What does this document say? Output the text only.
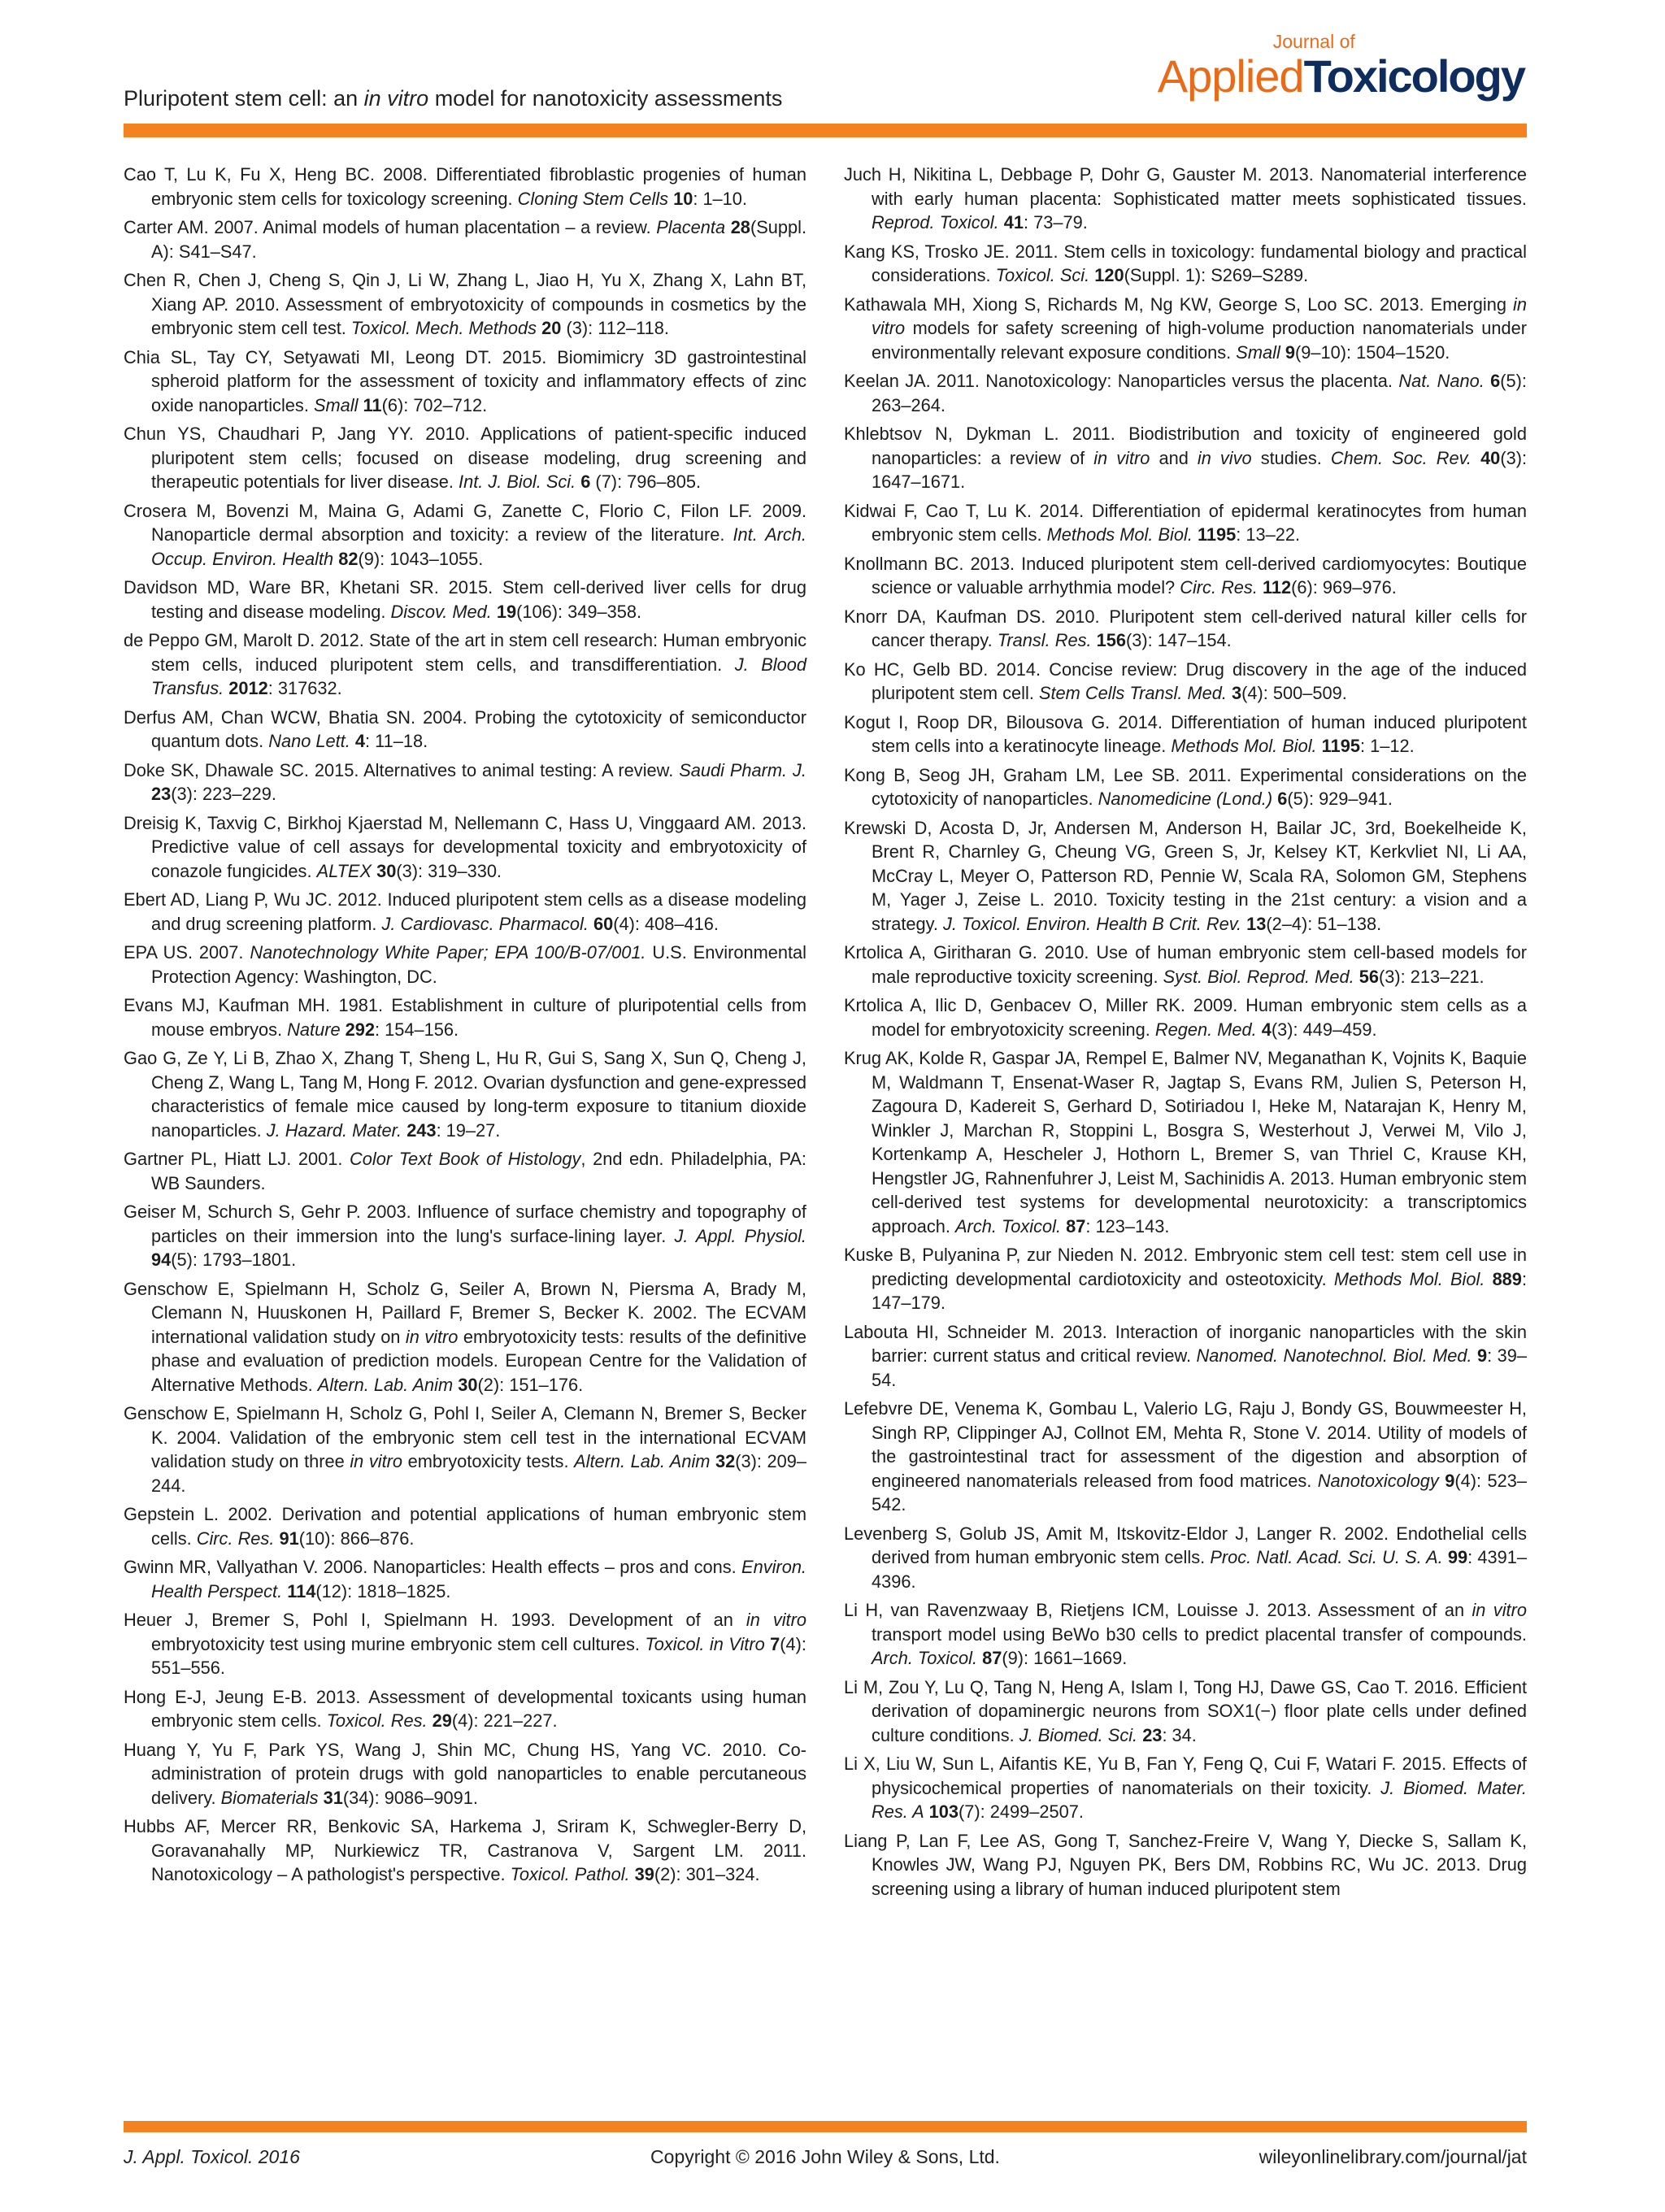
Pluripotent stem cell: an in vitro model for nanotoxicity assessments
Journal of
AppliedToxicology

Cao T, Lu K, Fu X, Heng BC. 2008. Differentiated fibroblastic progenies of human embryonic stem cells for toxicology screening. Cloning Stem Cells 10: 1–10.

Carter AM. 2007. Animal models of human placentation – a review. Placenta 28(Suppl. A): S41–S47.

Chen R, Chen J, Cheng S, Qin J, Li W, Zhang L, Jiao H, Yu X, Zhang X, Lahn BT, Xiang AP. 2010. Assessment of embryotoxicity of compounds in cosmetics by the embryonic stem cell test. Toxicol. Mech. Methods 20 (3): 112–118.

Chia SL, Tay CY, Setyawati MI, Leong DT. 2015. Biomimicry 3D gastrointestinal spheroid platform for the assessment of toxicity and inflammatory effects of zinc oxide nanoparticles. Small 11(6): 702–712.

Chun YS, Chaudhari P, Jang YY. 2010. Applications of patient-specific induced pluripotent stem cells; focused on disease modeling, drug screening and therapeutic potentials for liver disease. Int. J. Biol. Sci. 6 (7): 796–805.

Crosera M, Bovenzi M, Maina G, Adami G, Zanette C, Florio C, Filon LF. 2009. Nanoparticle dermal absorption and toxicity: a review of the literature. Int. Arch. Occup. Environ. Health 82(9): 1043–1055.

Davidson MD, Ware BR, Khetani SR. 2015. Stem cell-derived liver cells for drug testing and disease modeling. Discov. Med. 19(106): 349–358.

de Peppo GM, Marolt D. 2012. State of the art in stem cell research: Human embryonic stem cells, induced pluripotent stem cells, and transdifferentiation. J. Blood Transfus. 2012: 317632.

Derfus AM, Chan WCW, Bhatia SN. 2004. Probing the cytotoxicity of semiconductor quantum dots. Nano Lett. 4: 11–18.

Doke SK, Dhawale SC. 2015. Alternatives to animal testing: A review. Saudi Pharm. J. 23(3): 223–229.

Dreisig K, Taxvig C, Birkhoj Kjaerstad M, Nellemann C, Hass U, Vinggaard AM. 2013. Predictive value of cell assays for developmental toxicity and embryotoxicity of conazole fungicides. ALTEX 30(3): 319–330.

Ebert AD, Liang P, Wu JC. 2012. Induced pluripotent stem cells as a disease modeling and drug screening platform. J. Cardiovasc. Pharmacol. 60(4): 408–416.

EPA US. 2007. Nanotechnology White Paper; EPA 100/B-07/001. U.S. Environmental Protection Agency: Washington, DC.

Evans MJ, Kaufman MH. 1981. Establishment in culture of pluripotential cells from mouse embryos. Nature 292: 154–156.

Gao G, Ze Y, Li B, Zhao X, Zhang T, Sheng L, Hu R, Gui S, Sang X, Sun Q, Cheng J, Cheng Z, Wang L, Tang M, Hong F. 2012. Ovarian dysfunction and gene-expressed characteristics of female mice caused by long-term exposure to titanium dioxide nanoparticles. J. Hazard. Mater. 243: 19–27.

Gartner PL, Hiatt LJ. 2001. Color Text Book of Histology, 2nd edn. Philadelphia, PA: WB Saunders.

Geiser M, Schurch S, Gehr P. 2003. Influence of surface chemistry and topography of particles on their immersion into the lung's surface-lining layer. J. Appl. Physiol. 94(5): 1793–1801.

Genschow E, Spielmann H, Scholz G, Seiler A, Brown N, Piersma A, Brady M, Clemann N, Huuskonen H, Paillard F, Bremer S, Becker K. 2002. The ECVAM international validation study on in vitro embryotoxicity tests: results of the definitive phase and evaluation of prediction models. European Centre for the Validation of Alternative Methods. Altern. Lab. Anim 30(2): 151–176.

Genschow E, Spielmann H, Scholz G, Pohl I, Seiler A, Clemann N, Bremer S, Becker K. 2004. Validation of the embryonic stem cell test in the international ECVAM validation study on three in vitro embryotoxicity tests. Altern. Lab. Anim 32(3): 209–244.

Gepstein L. 2002. Derivation and potential applications of human embryonic stem cells. Circ. Res. 91(10): 866–876.

Gwinn MR, Vallyathan V. 2006. Nanoparticles: Health effects – pros and cons. Environ. Health Perspect. 114(12): 1818–1825.

Heuer J, Bremer S, Pohl I, Spielmann H. 1993. Development of an in vitro embryotoxicity test using murine embryonic stem cell cultures. Toxicol. in Vitro 7(4): 551–556.

Hong E-J, Jeung E-B. 2013. Assessment of developmental toxicants using human embryonic stem cells. Toxicol. Res. 29(4): 221–227.

Huang Y, Yu F, Park YS, Wang J, Shin MC, Chung HS, Yang VC. 2010. Co-administration of protein drugs with gold nanoparticles to enable percutaneous delivery. Biomaterials 31(34): 9086–9091.

Hubbs AF, Mercer RR, Benkovic SA, Harkema J, Sriram K, Schwegler-Berry D, Goravanahally MP, Nurkiewicz TR, Castranova V, Sargent LM. 2011. Nanotoxicology – A pathologist's perspective. Toxicol. Pathol. 39(2): 301–324.

Juch H, Nikitina L, Debbage P, Dohr G, Gauster M. 2013. Nanomaterial interference with early human placenta: Sophisticated matter meets sophisticated tissues. Reprod. Toxicol. 41: 73–79.

Kang KS, Trosko JE. 2011. Stem cells in toxicology: fundamental biology and practical considerations. Toxicol. Sci. 120(Suppl. 1): S269–S289.

Kathawala MH, Xiong S, Richards M, Ng KW, George S, Loo SC. 2013. Emerging in vitro models for safety screening of high-volume production nanomaterials under environmentally relevant exposure conditions. Small 9(9–10): 1504–1520.

Keelan JA. 2011. Nanotoxicology: Nanoparticles versus the placenta. Nat. Nano. 6(5): 263–264.

Khlebtsov N, Dykman L. 2011. Biodistribution and toxicity of engineered gold nanoparticles: a review of in vitro and in vivo studies. Chem. Soc. Rev. 40(3): 1647–1671.

Kidwai F, Cao T, Lu K. 2014. Differentiation of epidermal keratinocytes from human embryonic stem cells. Methods Mol. Biol. 1195: 13–22.

Knollmann BC. 2013. Induced pluripotent stem cell-derived cardiomyocytes: Boutique science or valuable arrhythmia model? Circ. Res. 112(6): 969–976.

Knorr DA, Kaufman DS. 2010. Pluripotent stem cell-derived natural killer cells for cancer therapy. Transl. Res. 156(3): 147–154.

Ko HC, Gelb BD. 2014. Concise review: Drug discovery in the age of the induced pluripotent stem cell. Stem Cells Transl. Med. 3(4): 500–509.

Kogut I, Roop DR, Bilousova G. 2014. Differentiation of human induced pluripotent stem cells into a keratinocyte lineage. Methods Mol. Biol. 1195: 1–12.

Kong B, Seog JH, Graham LM, Lee SB. 2011. Experimental considerations on the cytotoxicity of nanoparticles. Nanomedicine (Lond.) 6(5): 929–941.

Krewski D, Acosta D, Jr, Andersen M, Anderson H, Bailar JC, 3rd, Boekelheide K, Brent R, Charnley G, Cheung VG, Green S, Jr, Kelsey KT, Kerkvliet NI, Li AA, McCray L, Meyer O, Patterson RD, Pennie W, Scala RA, Solomon GM, Stephens M, Yager J, Zeise L. 2010. Toxicity testing in the 21st century: a vision and a strategy. J. Toxicol. Environ. Health B Crit. Rev. 13(2–4): 51–138.

Krtolica A, Giritharan G. 2010. Use of human embryonic stem cell-based models for male reproductive toxicity screening. Syst. Biol. Reprod. Med. 56(3): 213–221.

Krtolica A, Ilic D, Genbacev O, Miller RK. 2009. Human embryonic stem cells as a model for embryotoxicity screening. Regen. Med. 4(3): 449–459.

Krug AK, Kolde R, Gaspar JA, Rempel E, Balmer NV, Meganathan K, Vojnits K, Baquie M, Waldmann T, Ensenat-Waser R, Jagtap S, Evans RM, Julien S, Peterson H, Zagoura D, Kadereit S, Gerhard D, Sotiriadou I, Heke M, Natarajan K, Henry M, Winkler J, Marchan R, Stoppini L, Bosgra S, Westerhout J, Verwei M, Vilo J, Kortenkamp A, Hescheler J, Hothorn L, Bremer S, van Thriel C, Krause KH, Hengstler JG, Rahnenfuhrer J, Leist M, Sachinidis A. 2013. Human embryonic stem cell-derived test systems for developmental neurotoxicity: a transcriptomics approach. Arch. Toxicol. 87: 123–143.

Kuske B, Pulyanina P, zur Nieden N. 2012. Embryonic stem cell test: stem cell use in predicting developmental cardiotoxicity and osteotoxicity. Methods Mol. Biol. 889: 147–179.

Labouta HI, Schneider M. 2013. Interaction of inorganic nanoparticles with the skin barrier: current status and critical review. Nanomed. Nanotechnol. Biol. Med. 9: 39–54.

Lefebvre DE, Venema K, Gombau L, Valerio LG, Raju J, Bondy GS, Bouwmeester H, Singh RP, Clippinger AJ, Collnot EM, Mehta R, Stone V. 2014. Utility of models of the gastrointestinal tract for assessment of the digestion and absorption of engineered nanomaterials released from food matrices. Nanotoxicology 9(4): 523–542.

Levenberg S, Golub JS, Amit M, Itskovitz-Eldor J, Langer R. 2002. Endothelial cells derived from human embryonic stem cells. Proc. Natl. Acad. Sci. U. S. A. 99: 4391–4396.

Li H, van Ravenzwaay B, Rietjens ICM, Louisse J. 2013. Assessment of an in vitro transport model using BeWo b30 cells to predict placental transfer of compounds. Arch. Toxicol. 87(9): 1661–1669.

Li M, Zou Y, Lu Q, Tang N, Heng A, Islam I, Tong HJ, Dawe GS, Cao T. 2016. Efficient derivation of dopaminergic neurons from SOX1(−) floor plate cells under defined culture conditions. J. Biomed. Sci. 23: 34.

Li X, Liu W, Sun L, Aifantis KE, Yu B, Fan Y, Feng Q, Cui F, Watari F. 2015. Effects of physicochemical properties of nanomaterials on their toxicity. J. Biomed. Mater. Res. A 103(7): 2499–2507.

Liang P, Lan F, Lee AS, Gong T, Sanchez-Freire V, Wang Y, Diecke S, Sallam K, Knowles JW, Wang PJ, Nguyen PK, Bers DM, Robbins RC, Wu JC. 2013. Drug screening using a library of human induced pluripotent stem

J. Appl. Toxicol. 2016	Copyright © 2016 John Wiley & Sons, Ltd.	wileyonlinelibrary.com/journal/jat
